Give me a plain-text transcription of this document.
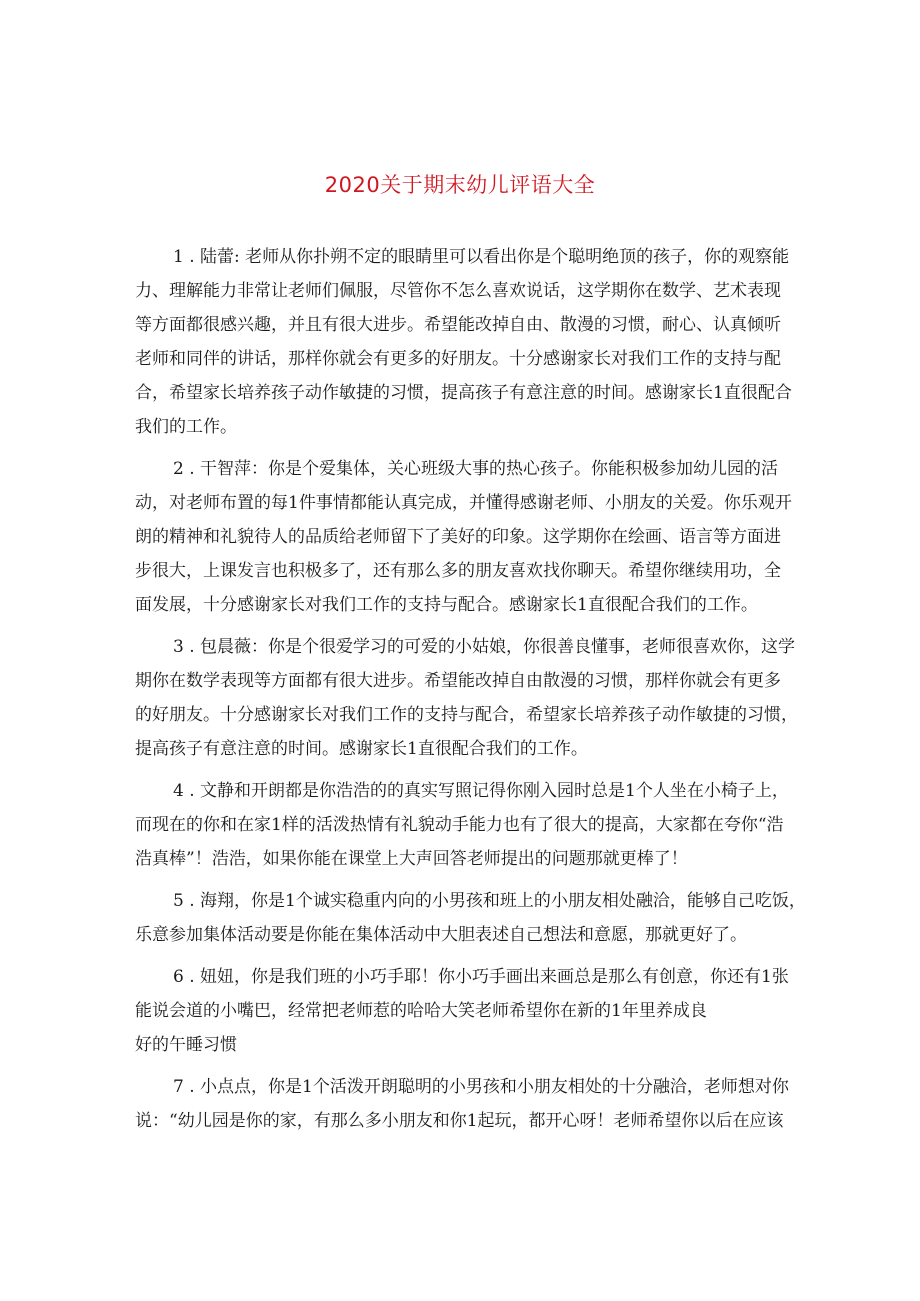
2020关于期末幼儿评语大全

1 . 陆蕾: 老师从你扑朔不定的眼睛里可以看出你是个聪明绝顶的孩子，你的观察能
力、理解能力非常让老师们佩服，尽管你不怎么喜欢说话，这学期你在数学、艺术表现
等方面都很感兴趣，并且有很大进步。希望能改掉自由、散漫的习惯，耐心、认真倾听
老师和同伴的讲话，那样你就会有更多的好朋友。十分感谢家长对我们工作的支持与配
合，希望家长培养孩子动作敏捷的习惯，提高孩子有意注意的时间。感谢家长1直很配合
我们的工作。

2 . 干智萍：你是个爱集体，关心班级大事的热心孩子。你能积极参加幼儿园的活
动，对老师布置的每1件事情都能认真完成，并懂得感谢老师、小朋友的关爱。你乐观开
朗的精神和礼貌待人的品质给老师留下了美好的印象。这学期你在绘画、语言等方面进
步很大，上课发言也积极多了，还有那么多的朋友喜欢找你聊天。希望你继续用功，全
面发展，十分感谢家长对我们工作的支持与配合。感谢家长1直很配合我们的工作。

3 . 包晨薇：你是个很爱学习的可爱的小姑娘，你很善良懂事，老师很喜欢你，这学
期你在数学表现等方面都有很大进步。希望能改掉自由散漫的习惯，那样你就会有更多
的好朋友。十分感谢家长对我们工作的支持与配合，希望家长培养孩子动作敏捷的习惯，
提高孩子有意注意的时间。感谢家长1直很配合我们的工作。

4 . 文静和开朗都是你浩浩的的真实写照记得你刚入园时总是1个人坐在小椅子上，
而现在的你和在家1样的活泼热情有礼貌动手能力也有了很大的提高，大家都在夸你“浩
浩真棒”！浩浩，如果你能在课堂上大声回答老师提出的问题那就更棒了！

5 . 海翔，你是1个诚实稳重内向的小男孩和班上的小朋友相处融洽，能够自己吃饭，
乐意参加集体活动要是你能在集体活动中大胆表述自己想法和意愿，那就更好了。

6 . 妞妞，你是我们班的小巧手耶！你小巧手画出来画总是那么有创意，你还有1张
能说会道的小嘴巴，经常把老师惹的哈哈大笑老师希望你在新的1年里养成良
好的午睡习惯

7 . 小点点，你是1个活泼开朗聪明的小男孩和小朋友相处的十分融洽，老师想对你
说：“幼儿园是你的家，有那么多小朋友和你1起玩，都开心呀！老师希望你以后在应该
